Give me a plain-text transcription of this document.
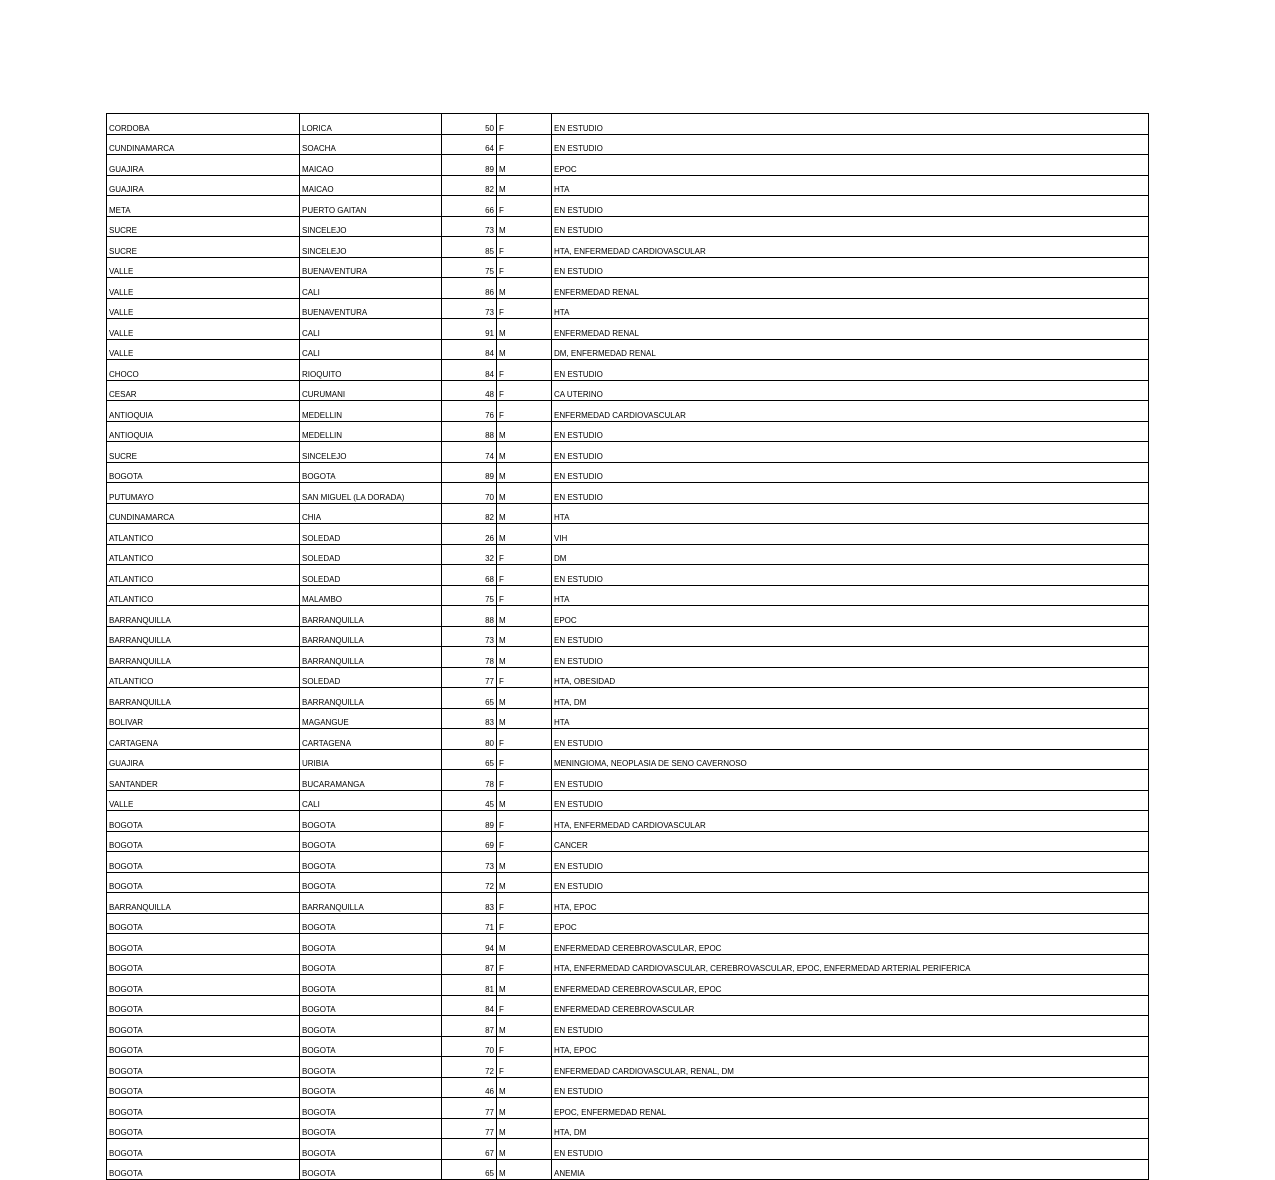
CORDOBA	LORICA	50	F	EN ESTUDIO
CUNDINAMARCA	SOACHA	64	F	EN ESTUDIO
GUAJIRA	MAICAO	89	M	EPOC
GUAJIRA	MAICAO	82	M	HTA
META	PUERTO GAITAN	66	F	EN ESTUDIO
SUCRE	SINCELEJO	73	M	EN ESTUDIO
SUCRE	SINCELEJO	85	F	HTA, ENFERMEDAD CARDIOVASCULAR
VALLE	BUENAVENTURA	75	F	EN ESTUDIO
VALLE	CALI	86	M	ENFERMEDAD RENAL
VALLE	BUENAVENTURA	73	F	HTA
VALLE	CALI	91	M	ENFERMEDAD RENAL
VALLE	CALI	84	M	DM, ENFERMEDAD RENAL
CHOCO	RIOQUITO	84	F	EN ESTUDIO
CESAR	CURUMANI	48	F	CA UTERINO
ANTIOQUIA	MEDELLIN	76	F	ENFERMEDAD CARDIOVASCULAR
ANTIOQUIA	MEDELLIN	88	M	EN ESTUDIO
SUCRE	SINCELEJO	74	M	EN ESTUDIO
BOGOTA	BOGOTA	89	M	EN ESTUDIO
PUTUMAYO	SAN MIGUEL (LA DORADA)	70	M	EN ESTUDIO
CUNDINAMARCA	CHIA	82	M	HTA
ATLANTICO	SOLEDAD	26	M	VIH
ATLANTICO	SOLEDAD	32	F	DM
ATLANTICO	SOLEDAD	68	F	EN ESTUDIO
ATLANTICO	MALAMBO	75	F	HTA
BARRANQUILLA	BARRANQUILLA	88	M	EPOC
BARRANQUILLA	BARRANQUILLA	73	M	EN ESTUDIO
BARRANQUILLA	BARRANQUILLA	78	M	EN ESTUDIO
ATLANTICO	SOLEDAD	77	F	HTA, OBESIDAD
BARRANQUILLA	BARRANQUILLA	65	M	HTA, DM
BOLIVAR	MAGANGUE	83	M	HTA
CARTAGENA	CARTAGENA	80	F	EN ESTUDIO
GUAJIRA	URIBIA	65	F	MENINGIOMA, NEOPLASIA DE SENO CAVERNOSO
SANTANDER	BUCARAMANGA	78	F	EN ESTUDIO
VALLE	CALI	45	M	EN ESTUDIO
BOGOTA	BOGOTA	89	F	HTA, ENFERMEDAD CARDIOVASCULAR
BOGOTA	BOGOTA	69	F	CANCER
BOGOTA	BOGOTA	73	M	EN ESTUDIO
BOGOTA	BOGOTA	72	M	EN ESTUDIO
BARRANQUILLA	BARRANQUILLA	83	F	HTA, EPOC
BOGOTA	BOGOTA	71	F	EPOC
BOGOTA	BOGOTA	94	M	ENFERMEDAD CEREBROVASCULAR, EPOC
BOGOTA	BOGOTA	87	F	HTA, ENFERMEDAD CARDIOVASCULAR, CEREBROVASCULAR, EPOC, ENFERMEDAD ARTERIAL PERIFERICA
BOGOTA	BOGOTA	81	M	ENFERMEDAD CEREBROVASCULAR, EPOC
BOGOTA	BOGOTA	84	F	ENFERMEDAD CEREBROVASCULAR
BOGOTA	BOGOTA	87	M	EN ESTUDIO
BOGOTA	BOGOTA	70	F	HTA, EPOC
BOGOTA	BOGOTA	72	F	ENFERMEDAD CARDIOVASCULAR, RENAL, DM
BOGOTA	BOGOTA	46	M	EN ESTUDIO
BOGOTA	BOGOTA	77	M	EPOC, ENFERMEDAD RENAL
BOGOTA	BOGOTA	77	M	HTA, DM
BOGOTA	BOGOTA	67	M	EN ESTUDIO
BOGOTA	BOGOTA	65	M	ANEMIA
